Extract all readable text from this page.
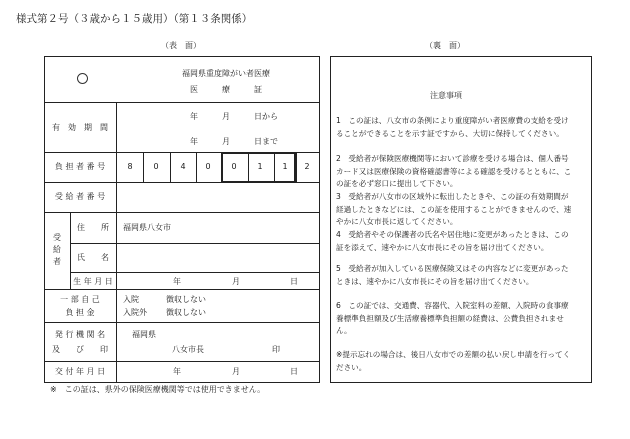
様式第２号（３歳から１５歳用）（第１３条関係）
（表　面）	（裏　面）
福岡県重度障がい者医療
医　　　療　　　証
有　効　期　間
年　　　月　　　日から
年　　　月　　　日まで
負 担 者 番 号	8	0	4 0	0	1 1 2
受 給 者 番 号
受
給
者
住　　所 福岡県八女市
氏　　名
生 年 月 日	年	月	日
一 部 自 己
負 担 金
入院	徴収しない
入院外 徴収しない
発 行 機 関 名
及　　び　　印
福岡県
八女市長	印
交 付 年 月 日	年	月	日
※　この証は、県外の保険医療機関等では使用できません。
注意事項
1　この証は、八女市の条例により重度障がい者医療費の支給を受けることができることを示す証ですから、大切に保持してください。
2　受給者が保険医療機関等において診療を受ける場合は、個人番号カード又は医療保険の資格確認書等による確認を受けるとともに、この証を必ず窓口に提出して下さい。
3　受給者が八女市の区域外に転出したときや、この証の有効期間が経過したときなどには、この証を使用することができませんので、速やかに八女市長に返してください。
4　受給者やその保護者の氏名や居住地に変更があったときは、この証を添えて、速やかに八女市長にその旨を届け出てください。
5　受給者が加入している医療保険又はその内容などに変更があったときは、速やかに八女市長にその旨を届け出てください。
6　この証では、交通費、容器代、入院室料の差額、入院時の食事療養標準負担額及び生活療養標準負担額の経費は、公費負担されません。
※提示忘れの場合は、後日八女市での差額の払い戻し申請を行ってください。
